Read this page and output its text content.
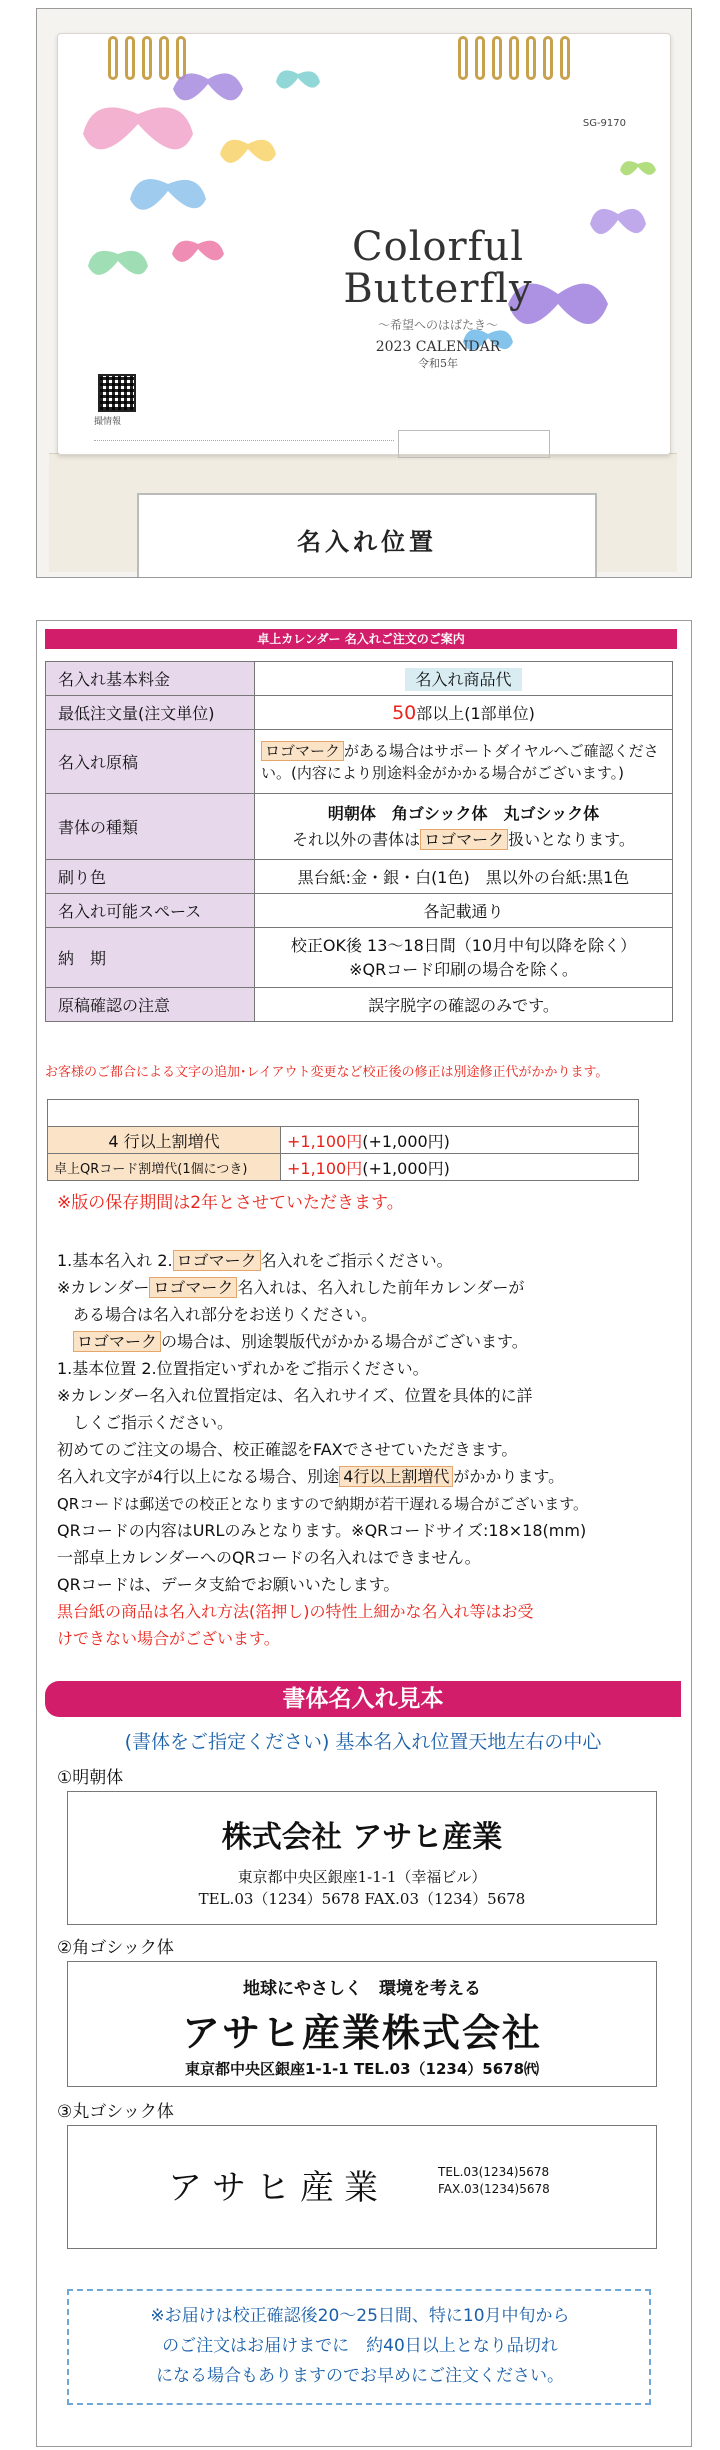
SG-9170
Colorful
Butterfly
～希望へのはばたき～
2023 CALENDAR
令和5年
撮情報
名入れ位置
卓上カレンダー 名入れご注文のご案内
名入れ基本料金	名入れ商品代
最低注文量(注文単位)	50部以上(1部単位)
名入れ原稿	ロゴマーク がある場合はサポートダイヤルへご確認ください。(内容により別途料金がかかる場合がございます。)
書体の種類	明朝体　角ゴシック体　丸ゴシック体
それ以外の書体は ロゴマーク 扱いとなります。

刷り色	黒台紙:金・銀・白(1色)　黒以外の台紙:黒1色
名入れ可能スペース	各記載通り
納　期	校正OK後 13～18日間（10月中旬以降を除く）
※QRコード印刷の場合を除く。

原稿確認の注意	誤字脱字の確認のみです。
お客様のご都合による文字の追加･レイアウト変更など校正後の修正は別途修正代がかかります。

4 行以上割増代	+1,100円(+1,000円)
卓上QRコード割増代(1個につき)	+1,100円(+1,000円)
※版の保存期間は2年とさせていただきます。
1.基本名入れ 2. ロゴマーク 名入れをご指示ください。
※カレンダー ロゴマーク 名入れは、名入れした前年カレンダーが
　ある場合は名入れ部分をお送りください。
　ロゴマーク の場合は、別途製版代がかかる場合がございます。
1.基本位置 2.位置指定いずれかをご指示ください。
※カレンダー名入れ位置指定は、名入れサイズ、位置を具体的に詳
　しくご指示ください。
初めてのご注文の場合、校正確認をFAXでさせていただきます。
名入れ文字が4行以上になる場合、別途 4行以上割増代 がかかります。
QRコードは郵送での校正となりますので納期が若干遅れる場合がございます。
QRコードの内容はURLのみとなります。※QRコードサイズ:18×18(mm)
一部卓上カレンダーへのQRコードの名入れはできません。
QRコードは、データ支給でお願いいたします。
黒台紙の商品は名入れ方法(箔押し)の特性上細かな名入れ等はお受
けできない場合がございます。
書体名入れ見本
(書体をご指定ください) 基本名入れ位置天地左右の中心
①明朝体
株式会社 アサヒ産業
東京都中央区銀座1-1-1（幸福ビル）
TEL.03（1234）5678 FAX.03（1234）5678
②角ゴシック体
地球にやさしく　環境を考える
アサヒ産業株式会社
東京都中央区銀座1-1-1 TEL.03（1234）5678㈹
③丸ゴシック体
アサヒ産業	TEL.03(1234)5678
FAX.03(1234)5678
※お届けは校正確認後20～25日間、特に10月中旬から
のご注文はお届けまでに　約40日以上となり品切れ
になる場合もありますのでお早めにご注文ください。
